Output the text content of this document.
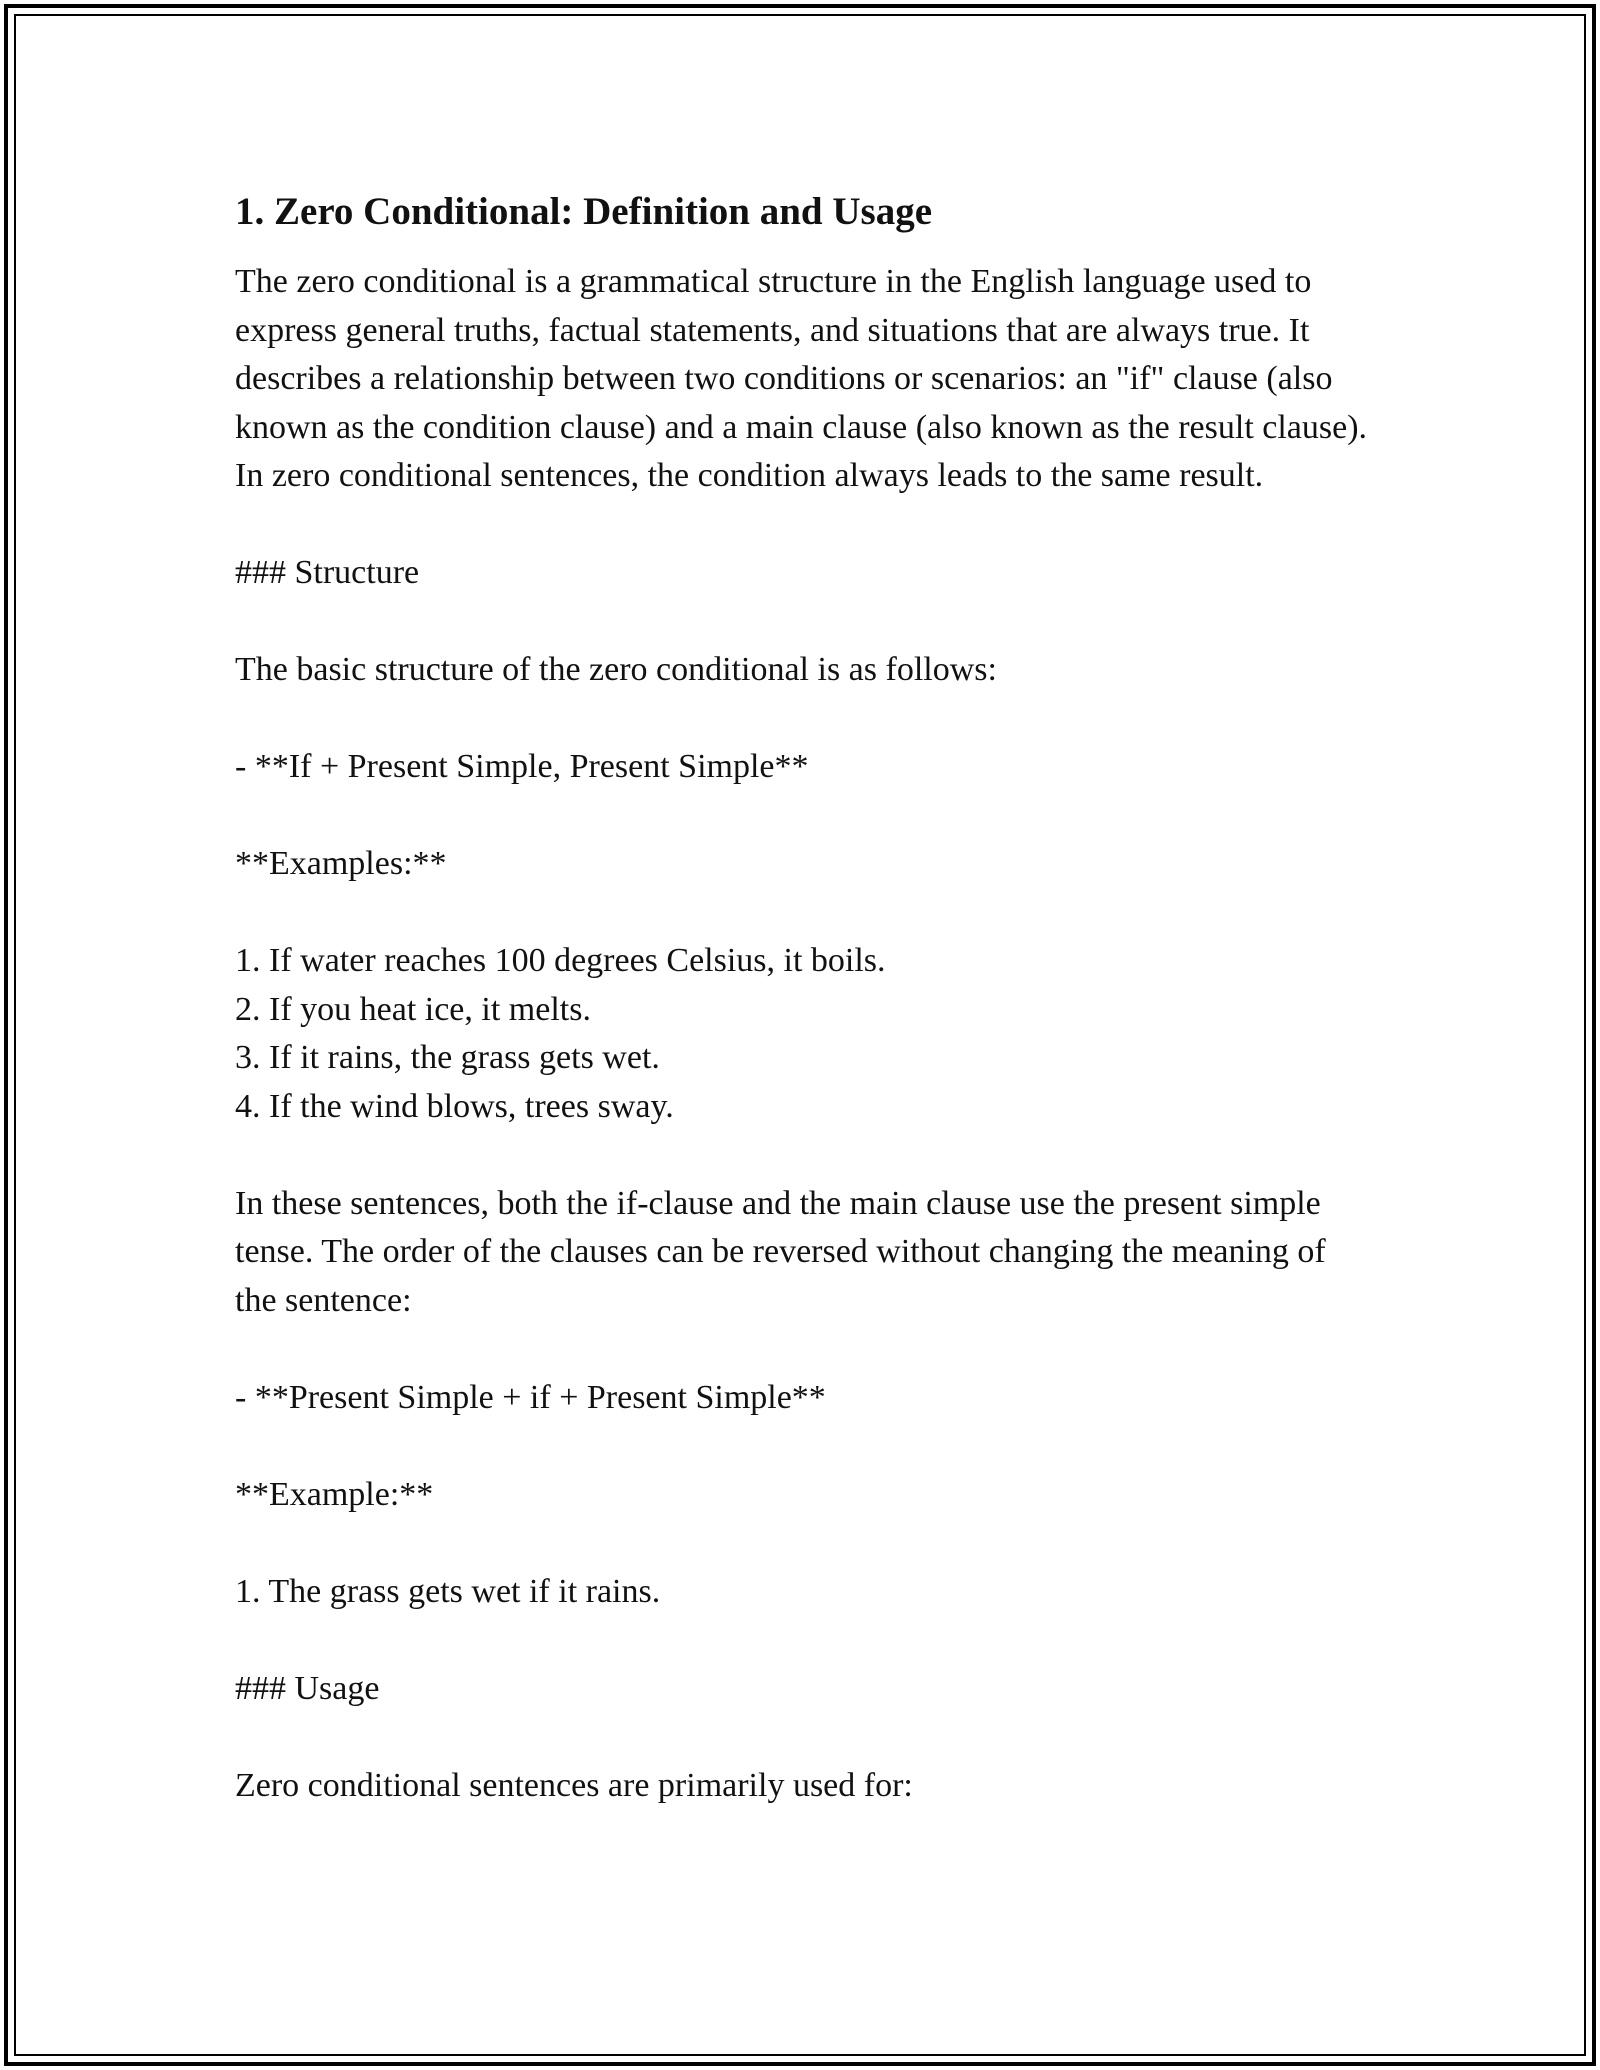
1. Zero Conditional: Definition and Usage

The zero conditional is a grammatical structure in the English language used to express general truths, factual statements, and situations that are always true. It describes a relationship between two conditions or scenarios: an "if" clause (also known as the condition clause) and a main clause (also known as the result clause). In zero conditional sentences, the condition always leads to the same result.

### Structure

The basic structure of the zero conditional is as follows:

- **If + Present Simple, Present Simple**

**Examples:**

1. If water reaches 100 degrees Celsius, it boils.

2. If you heat ice, it melts.

3. If it rains, the grass gets wet.

4. If the wind blows, trees sway.

In these sentences, both the if-clause and the main clause use the present simple tense. The order of the clauses can be reversed without changing the meaning of the sentence:

- **Present Simple + if + Present Simple**

**Example:**

1. The grass gets wet if it rains.

### Usage

Zero conditional sentences are primarily used for:
